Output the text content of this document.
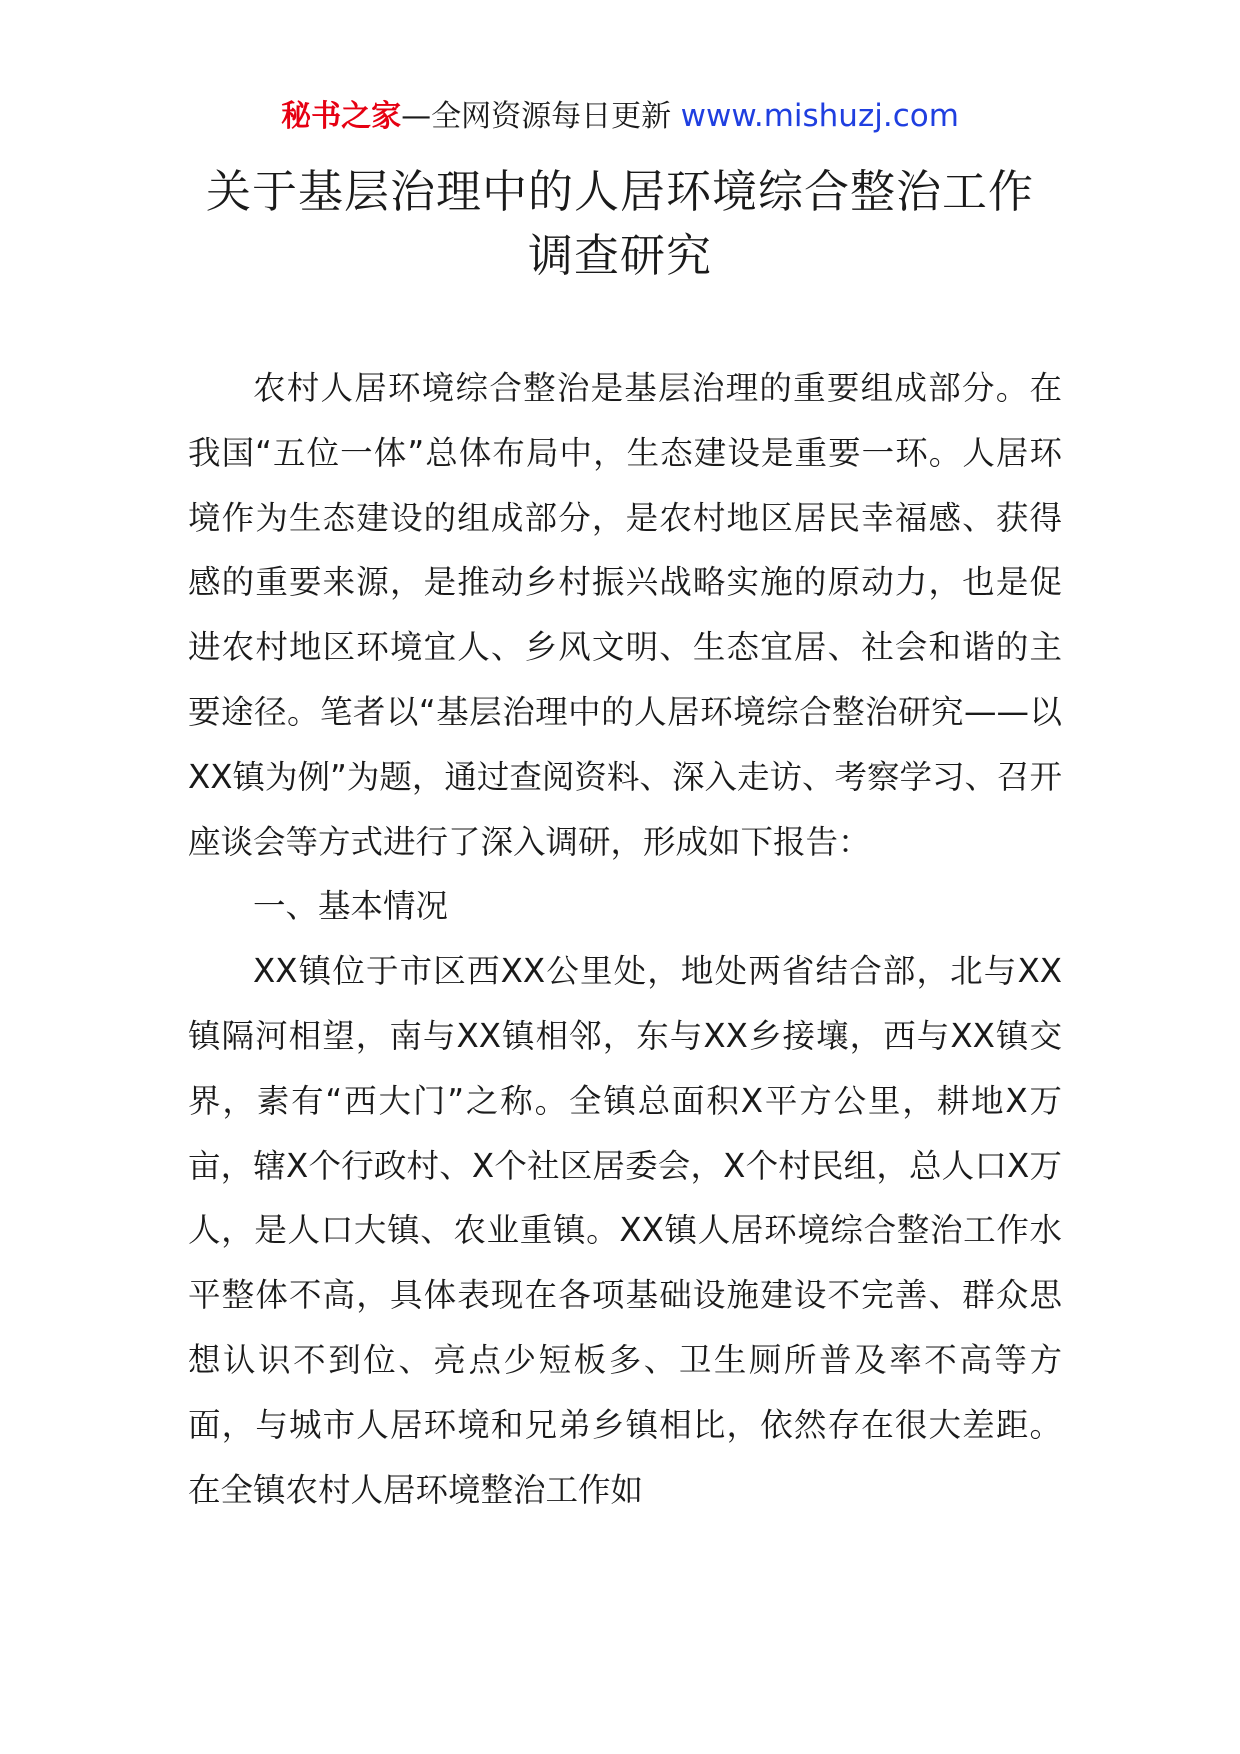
秘书之家—全网资源每日更新 www.mishuzj.com
关于基层治理中的人居环境综合整治工作
调查研究

农村人居环境综合整治是基层治理的重要组成部分。在我国“五位一体”总体布局中，生态建设是重要一环。人居环境作为生态建设的组成部分，是农村地区居民幸福感、获得感的重要来源，是推动乡村振兴战略实施的原动力，也是促进农村地区环境宜人、乡风文明、生态宜居、社会和谐的主要途径。笔者以“基层治理中的人居环境综合整治研究——以XX镇为例”为题，通过查阅资料、深入走访、考察学习、召开座谈会等方式进行了深入调研，形成如下报告：

一、基本情况

XX镇位于市区西XX公里处，地处两省结合部，北与XX镇隔河相望，南与XX镇相邻，东与XX乡接壤，西与XX镇交界，素有“西大门”之称。全镇总面积X平方公里，耕地X万亩，辖X个行政村、X个社区居委会，X个村民组，总人口X万人，是人口大镇、农业重镇。XX镇人居环境综合整治工作水平整体不高，具体表现在各项基础设施建设不完善、群众思想认识不到位、亮点少短板多、卫生厕所普及率不高等方面，与城市人居环境和兄弟乡镇相比，依然存在很大差距。在全镇农村人居环境整治工作如
